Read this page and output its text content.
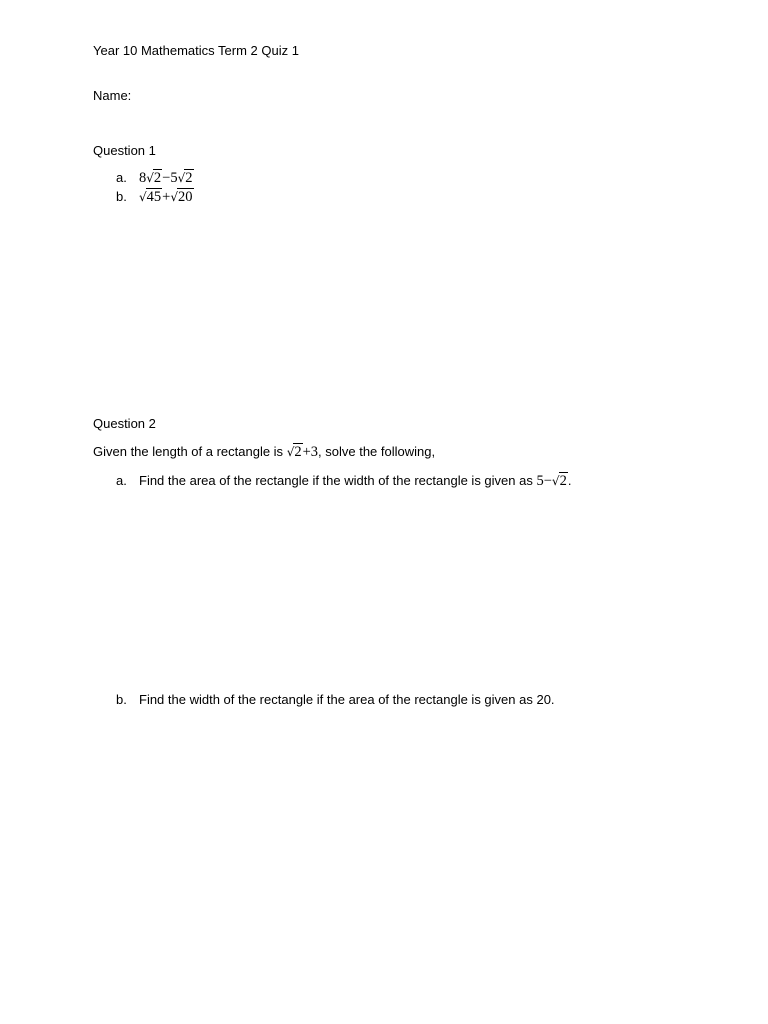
Year 10 Mathematics Term 2 Quiz 1
Name:
Question 1
a. 8√2−5√2
b. √45+√20
Question 2
Given the length of a rectangle is √2+3, solve the following,
a. Find the area of the rectangle if the width of the rectangle is given as 5−√2.
b. Find the width of the rectangle if the area of the rectangle is given as 20.
